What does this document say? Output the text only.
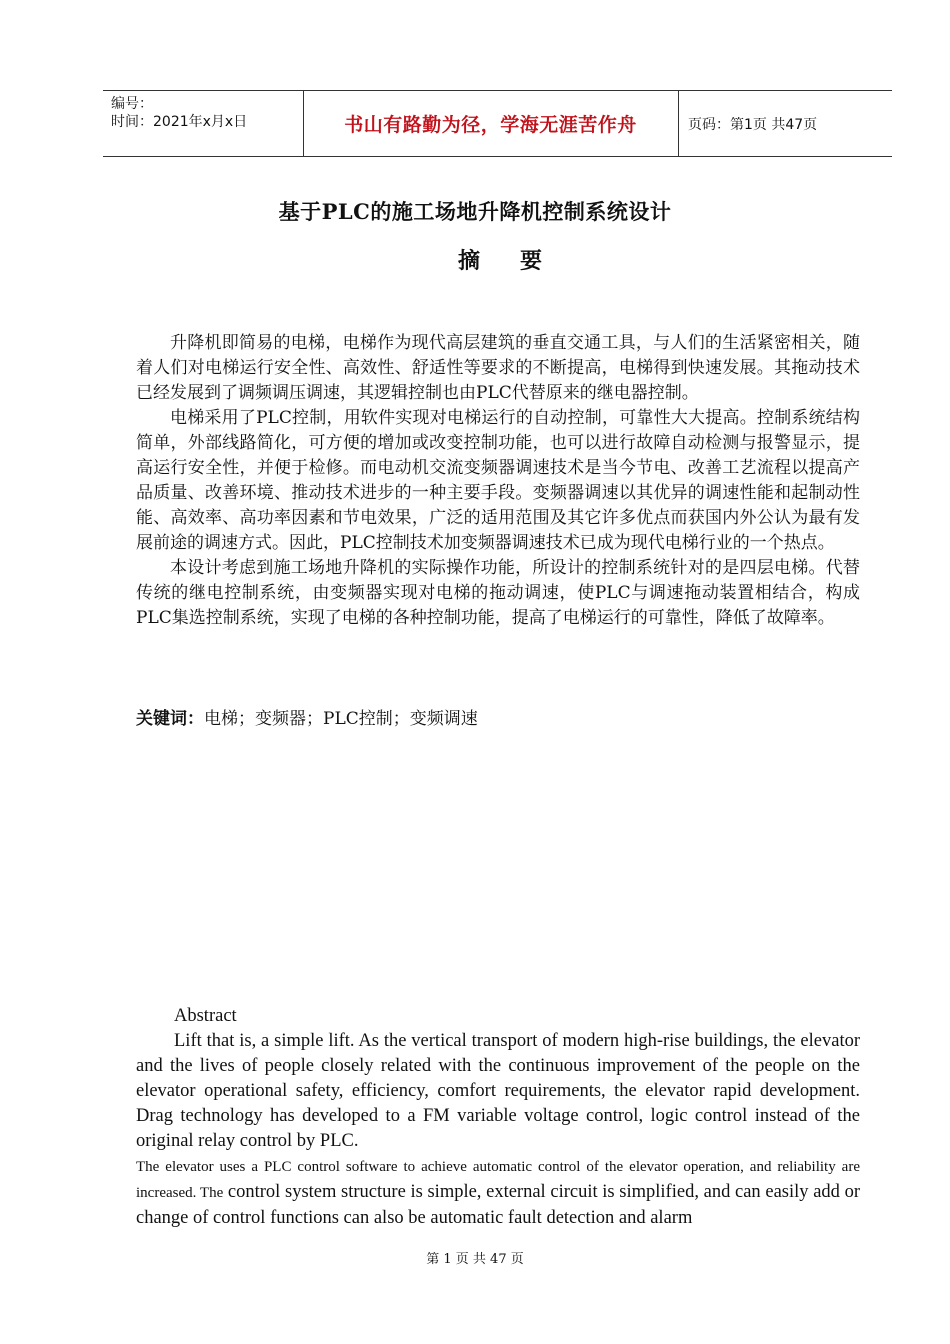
编号：
时间：2021年x月x日	书山有路勤为径，学海无涯苦作舟	页码：第1页 共47页
基于PLC的施工场地升降机控制系统设计
摘要

升降机即简易的电梯，电梯作为现代高层建筑的垂直交通工具，与人们的生活紧密相关，随着人们对电梯运行安全性、高效性、舒适性等要求的不断提高，电梯得到快速发展。其拖动技术已经发展到了调频调压调速，其逻辑控制也由PLC代替原来的继电器控制。

电梯采用了PLC控制，用软件实现对电梯运行的自动控制，可靠性大大提高。控制系统结构简单，外部线路简化，可方便的增加或改变控制功能，也可以进行故障自动检测与报警显示，提高运行安全性，并便于检修。而电动机交流变频器调速技术是当今节电、改善工艺流程以提高产品质量、改善环境、推动技术进步的一种主要手段。变频器调速以其优异的调速性能和起制动性能、高效率、高功率因素和节电效果，广泛的适用范围及其它许多优点而获国内外公认为最有发展前途的调速方式。因此，PLC控制技术加变频器调速技术已成为现代电梯行业的一个热点。

本设计考虑到施工场地升降机的实际操作功能，所设计的控制系统针对的是四层电梯。代替传统的继电控制系统，由变频器实现对电梯的拖动调速，使PLC与调速拖动装置相结合，构成PLC集选控制系统，实现了电梯的各种控制功能，提高了电梯运行的可靠性，降低了故障率。

关键词：电梯；变频器；PLC控制；变频调速

Abstract

Lift that is, a simple lift. As the vertical transport of modern high-rise buildings, the elevator and the lives of people closely related with the continuous improvement of the people on the elevator operational safety, efficiency, comfort requirements, the elevator rapid development. Drag technology has developed to a FM variable voltage control, logic control instead of the original relay control by PLC.

The elevator uses a PLC control software to achieve automatic control of the elevator operation, and reliability are increased. The control system structure is simple, external circuit is simplified, and can easily add or change of control functions can also be automatic fault detection and alarm

第 1 页 共 47 页
